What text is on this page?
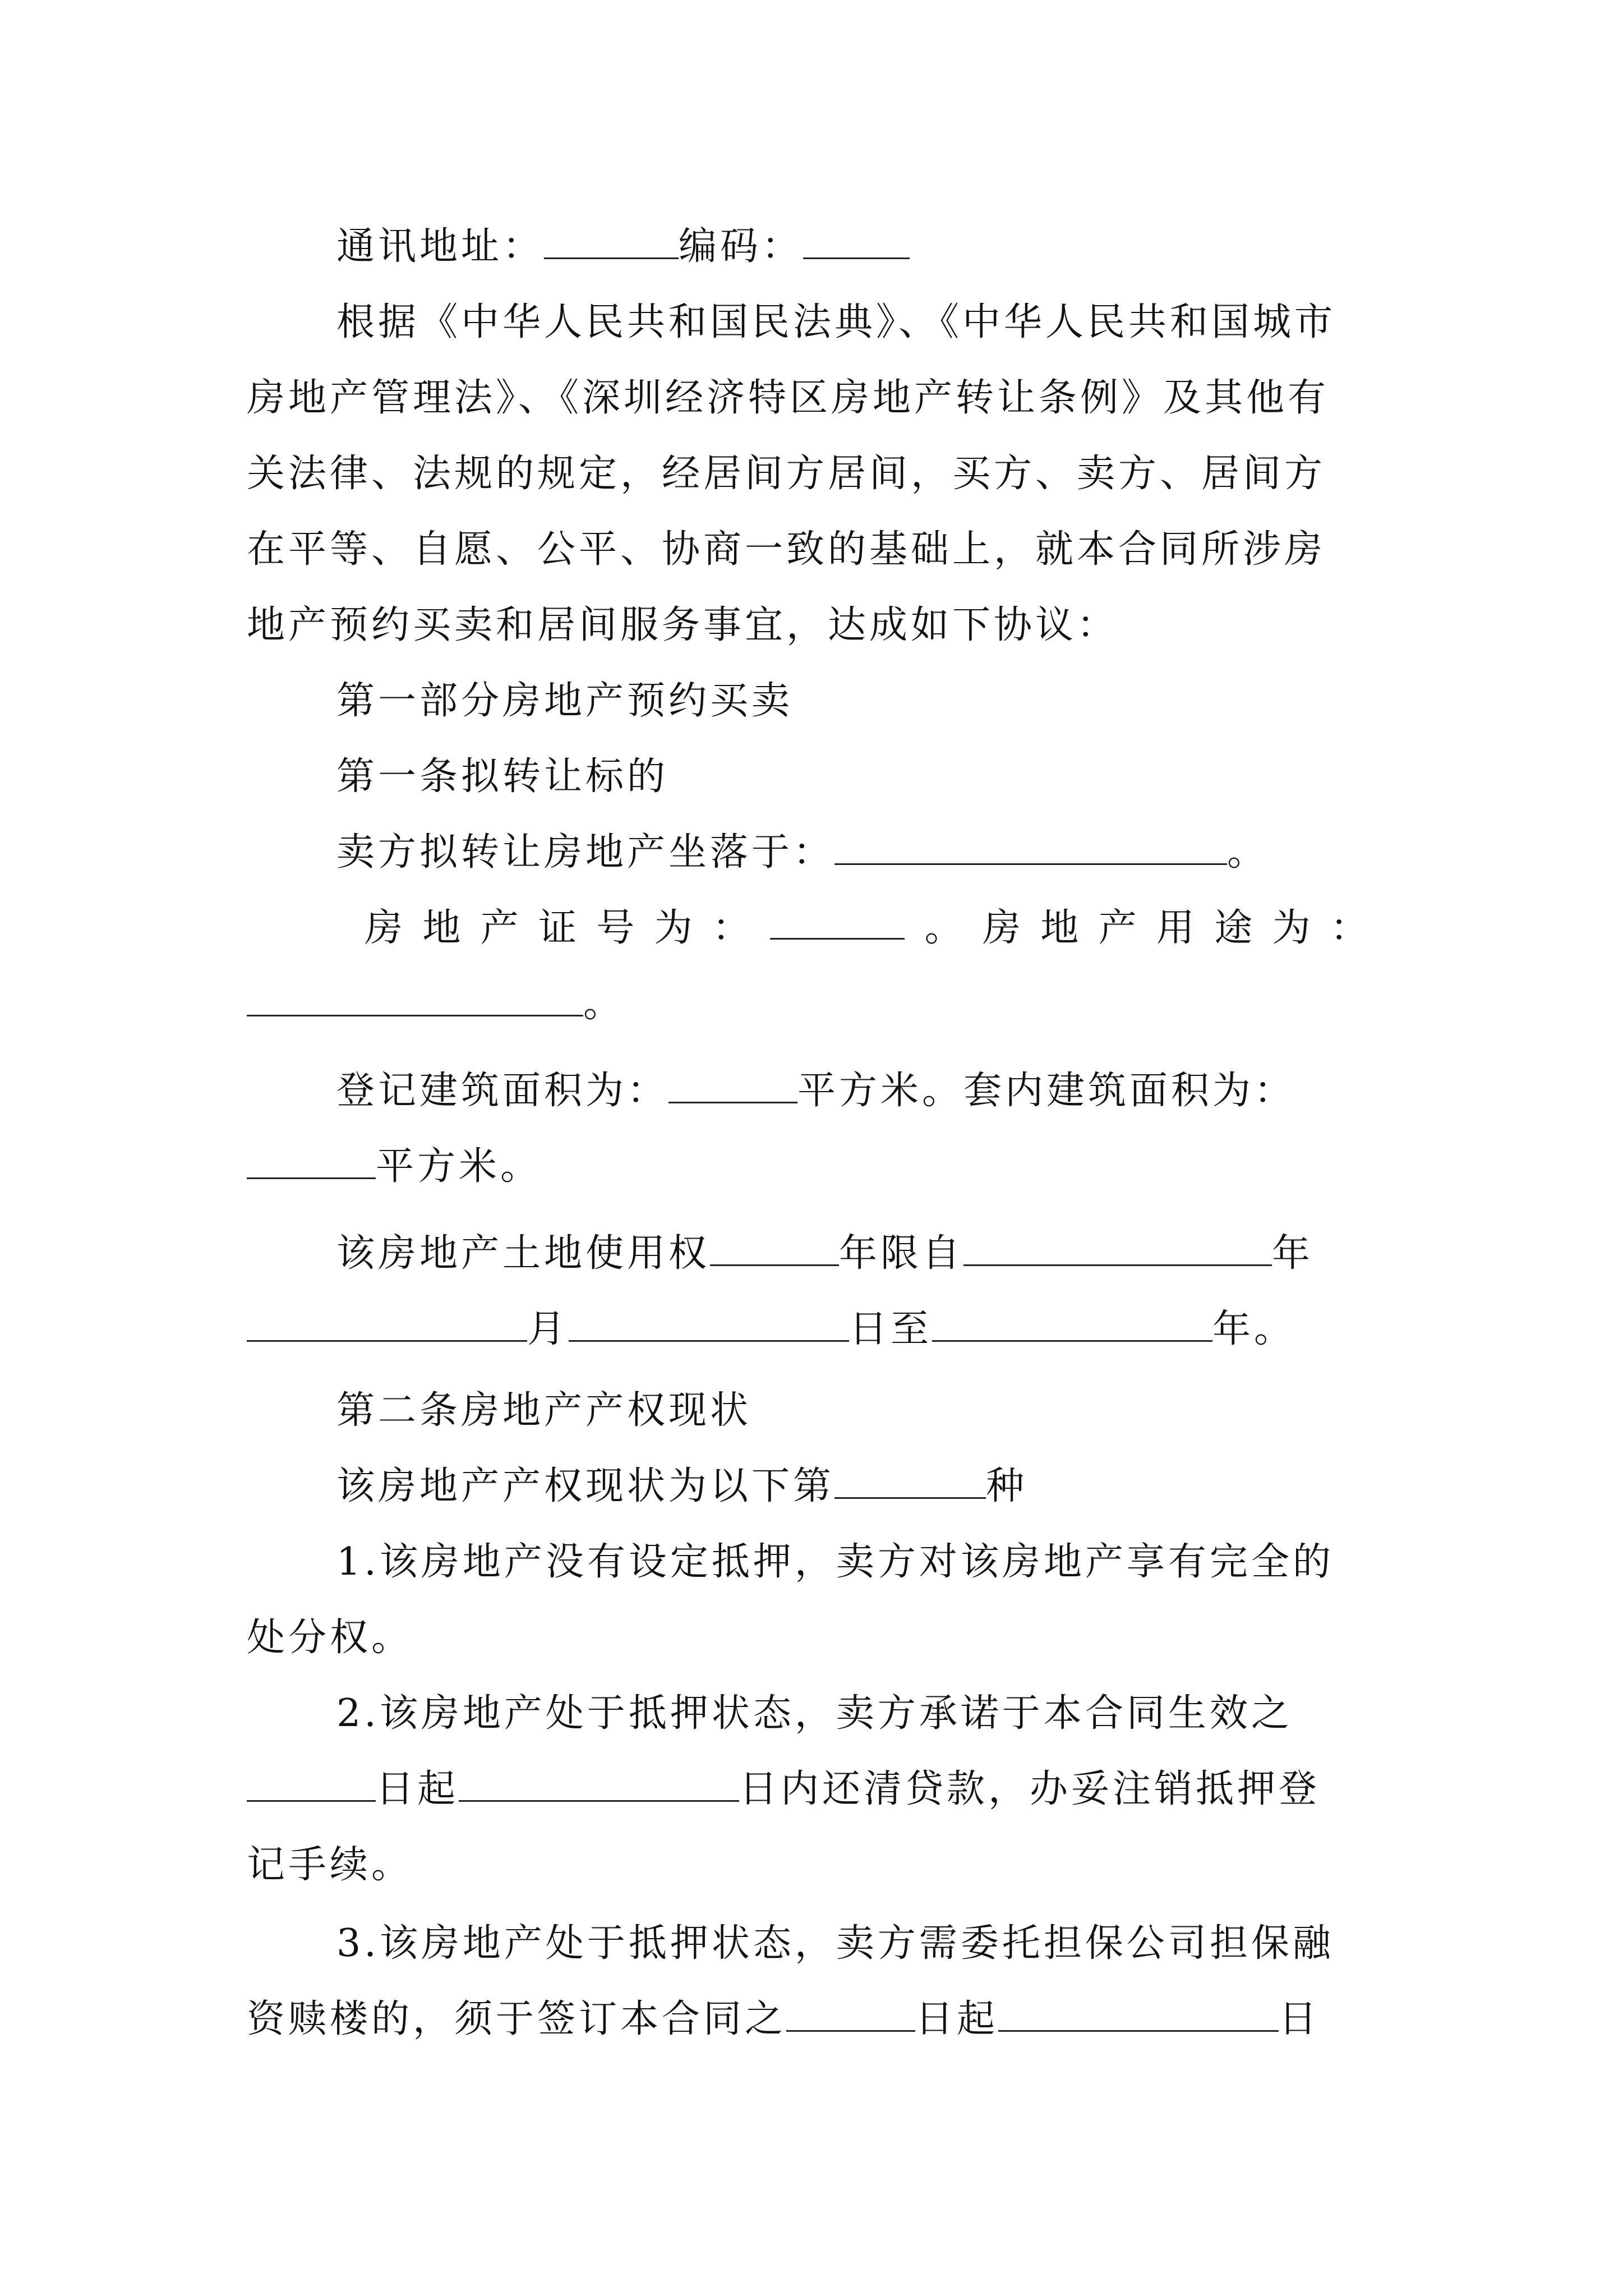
通讯地址：	编码：
根据《中华人民共和国民法典》、《中华人民共和国城市
房地产管理法》、《深圳经济特区房地产转让条例》及其他有
关法律、法规的规定，经居间方居间，买方、卖方、居间方
在平等、自愿、公平、协商一致的基础上，就本合同所涉房
地产预约买卖和居间服务事宜，达成如下协议：
第一部分房地产预约买卖
第一条拟转让标的
卖方拟转让房地产坐落于：	。
房 地 产 证 号 为 ：	。 房 地 产 用 途 为 ：
。
登记建筑面积为：	平方米。套内建筑面积为：
平方米。
该房地产土地使用权	年限自	年
月	日至	年。
第二条房地产产权现状
该房地产产权现状为以下第	种
1.该房地产没有设定抵押，卖方对该房地产享有完全的
处分权。
2.该房地产处于抵押状态，卖方承诺于本合同生效之
日起	日内还清贷款，办妥注销抵押登
记手续。
3.该房地产处于抵押状态，卖方需委托担保公司担保融
资赎楼的，须于签订本合同之	日起	日
